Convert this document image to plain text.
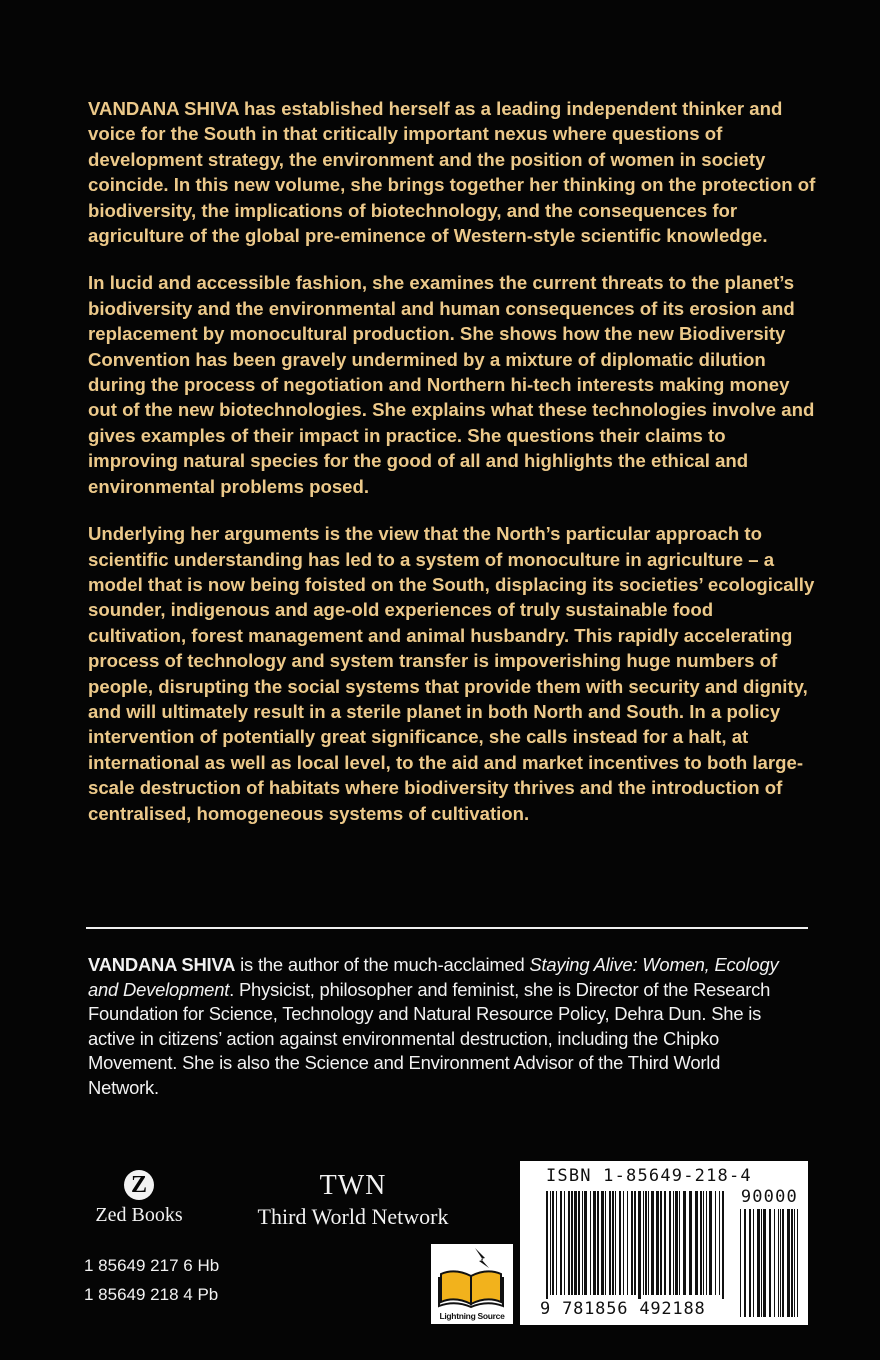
VANDANA SHIVA has established herself as a leading independent thinker and voice for the South in that critically important nexus where questions of development strategy, the environment and the position of women in society coincide. In this new volume, she brings together her thinking on the protection of biodiversity, the implications of biotechnology, and the consequences for agriculture of the global pre-eminence of Western-style scientific knowledge.

In lucid and accessible fashion, she examines the current threats to the planet’s biodiversity and the environmental and human consequences of its erosion and replacement by monocultural production. She shows how the new Biodiversity Convention has been gravely undermined by a mixture of diplomatic dilution during the process of negotiation and Northern hi-tech interests making money out of the new biotechnologies. She explains what these technologies involve and gives examples of their impact in practice. She questions their claims to improving natural species for the good of all and highlights the ethical and environmental problems posed.

Underlying her arguments is the view that the North’s particular approach to scientific understanding has led to a system of monoculture in agriculture – a model that is now being foisted on the South, displacing its societies’ ecologically sounder, indigenous and age-old experiences of truly sustainable food cultivation, forest management and animal husbandry. This rapidly accelerating process of technology and system transfer is impoverishing huge numbers of people, disrupting the social systems that provide them with security and dignity, and will ultimately result in a sterile planet in both North and South. In a policy intervention of potentially great significance, she calls instead for a halt, at international as well as local level, to the aid and market incentives to both large-scale destruction of habitats where biodiversity thrives and the introduction of centralised, homogeneous systems of cultivation.

VANDANA SHIVA is the author of the much-acclaimed Staying Alive: Women, Ecology and Development. Physicist, philosopher and feminist, she is Director of the Research Foundation for Science, Technology and Natural Resource Policy, Dehra Dun. She is active in citizens’ action against environmental destruction, including the Chipko Movement. She is also the Science and Environment Advisor of the Third World Network.
Z
Zed Books
TWN
Third World Network
1 85649 217 6 Hb
1 85649 218 4 Pb
Lightning Source
ISBN 1-85649-218-4
90000
9 781856 492188
